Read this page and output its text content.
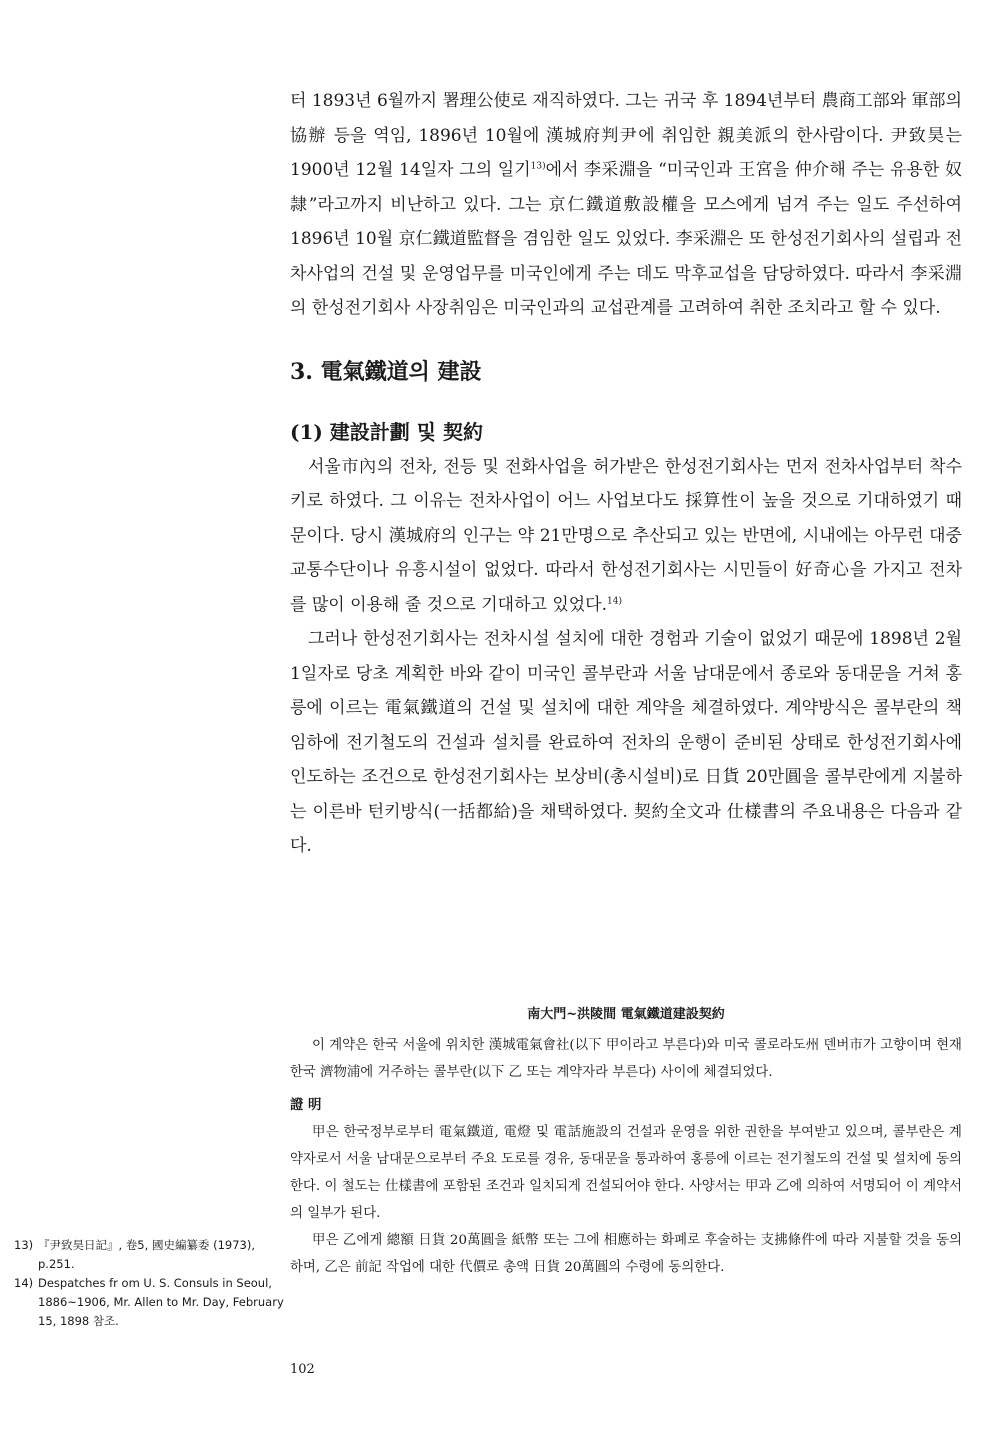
터 1893년 6월까지 署理公使로 재직하였다. 그는 귀국 후 1894년부터 農商工部와 軍部의 協辦 등을 역임, 1896년 10월에 漢城府判尹에 취임한 親美派의 한사람이다. 尹致昊는 1900년 12월 14일자 그의 일기$^{13)}$에서 李采淵을 “미국인과 王宮을 仲介해 주는 유용한 奴隷”라고까지 비난하고 있다. 그는 京仁鐵道敷設權을 모스에게 넘겨 주는 일도 주선하여 1896년 10월 京仁鐵道監督을 겸임한 일도 있었다. 李采淵은 또 한성전기회사의 설립과 전차사업의 건설 및 운영업무를 미국인에게 주는 데도 막후교섭을 담당하였다. 따라서 李采淵의 한성전기회사 사장취임은 미국인과의 교섭관계를 고려하여 취한 조치라고 할 수 있다.

3. 電氣鐵道의 建設
(1) 建設計劃 및 契約

서울市內의 전차, 전등 및 전화사업을 허가받은 한성전기회사는 먼저 전차사업부터 착수키로 하였다. 그 이유는 전차사업이 어느 사업보다도 採算性이 높을 것으로 기대하였기 때문이다. 당시 漢城府의 인구는 약 21만명으로 추산되고 있는 반면에, 시내에는 아무런 대중교통수단이나 유흥시설이 없었다. 따라서 한성전기회사는 시민들이 好奇心을 가지고 전차를 많이 이용해 줄 것으로 기대하고 있었다.$^{14)}$

그러나 한성전기회사는 전차시설 설치에 대한 경험과 기술이 없었기 때문에 1898년 2월 1일자로 당초 계획한 바와 같이 미국인 콜부란과 서울 남대문에서 종로와 동대문을 거쳐 홍릉에 이르는 電氣鐵道의 건설 및 설치에 대한 계약을 체결하였다. 계약방식은 콜부란의 책임하에 전기철도의 건설과 설치를 완료하여 전차의 운행이 준비된 상태로 한성전기회사에 인도하는 조건으로 한성전기회사는 보상비(총시설비)로 日貨 20만圓을 콜부란에게 지불하는 이른바 턴키방식(一括都給)을 채택하였다. 契約全文과 仕樣書의 주요내용은 다음과 같다.

南大門~洪陵間 電氣鐵道建設契約

이 계약은 한국 서울에 위치한 漢城電氣會社(以下 甲이라고 부른다)와 미국 콜로라도州 덴버市가 고향이며 현재 한국 濟物浦에 거주하는 콜부란(以下 乙 또는 계약자라 부른다) 사이에 체결되었다.

證 明

甲은 한국정부로부터 電氣鐵道, 電燈 및 電話施設의 건설과 운영을 위한 권한을 부여받고 있으며, 콜부란은 계약자로서 서울 남대문으로부터 주요 도로를 경유, 동대문을 통과하여 홍릉에 이르는 전기철도의 건설 및 설치에 동의한다. 이 철도는 仕樣書에 포함된 조건과 일치되게 건설되어야 한다. 사양서는 甲과 乙에 의하여 서명되어 이 계약서의 일부가 된다.

甲은 乙에게 總額 日貨 20萬圓을 紙幣 또는 그에 相應하는 화폐로 후술하는 支拂條件에 따라 지불할 것을 동의하며, 乙은 前記 작업에 대한 代價로 총액 日貨 20萬圓의 수령에 동의한다.

13) 『尹致昊日記』, 卷5, 國史編纂委 (1973), p.251.
14) Despatches fr om U. S. Consuls in Seoul, 1886~1906, Mr. Allen to Mr. Day, February 15, 1898 참조.
102
